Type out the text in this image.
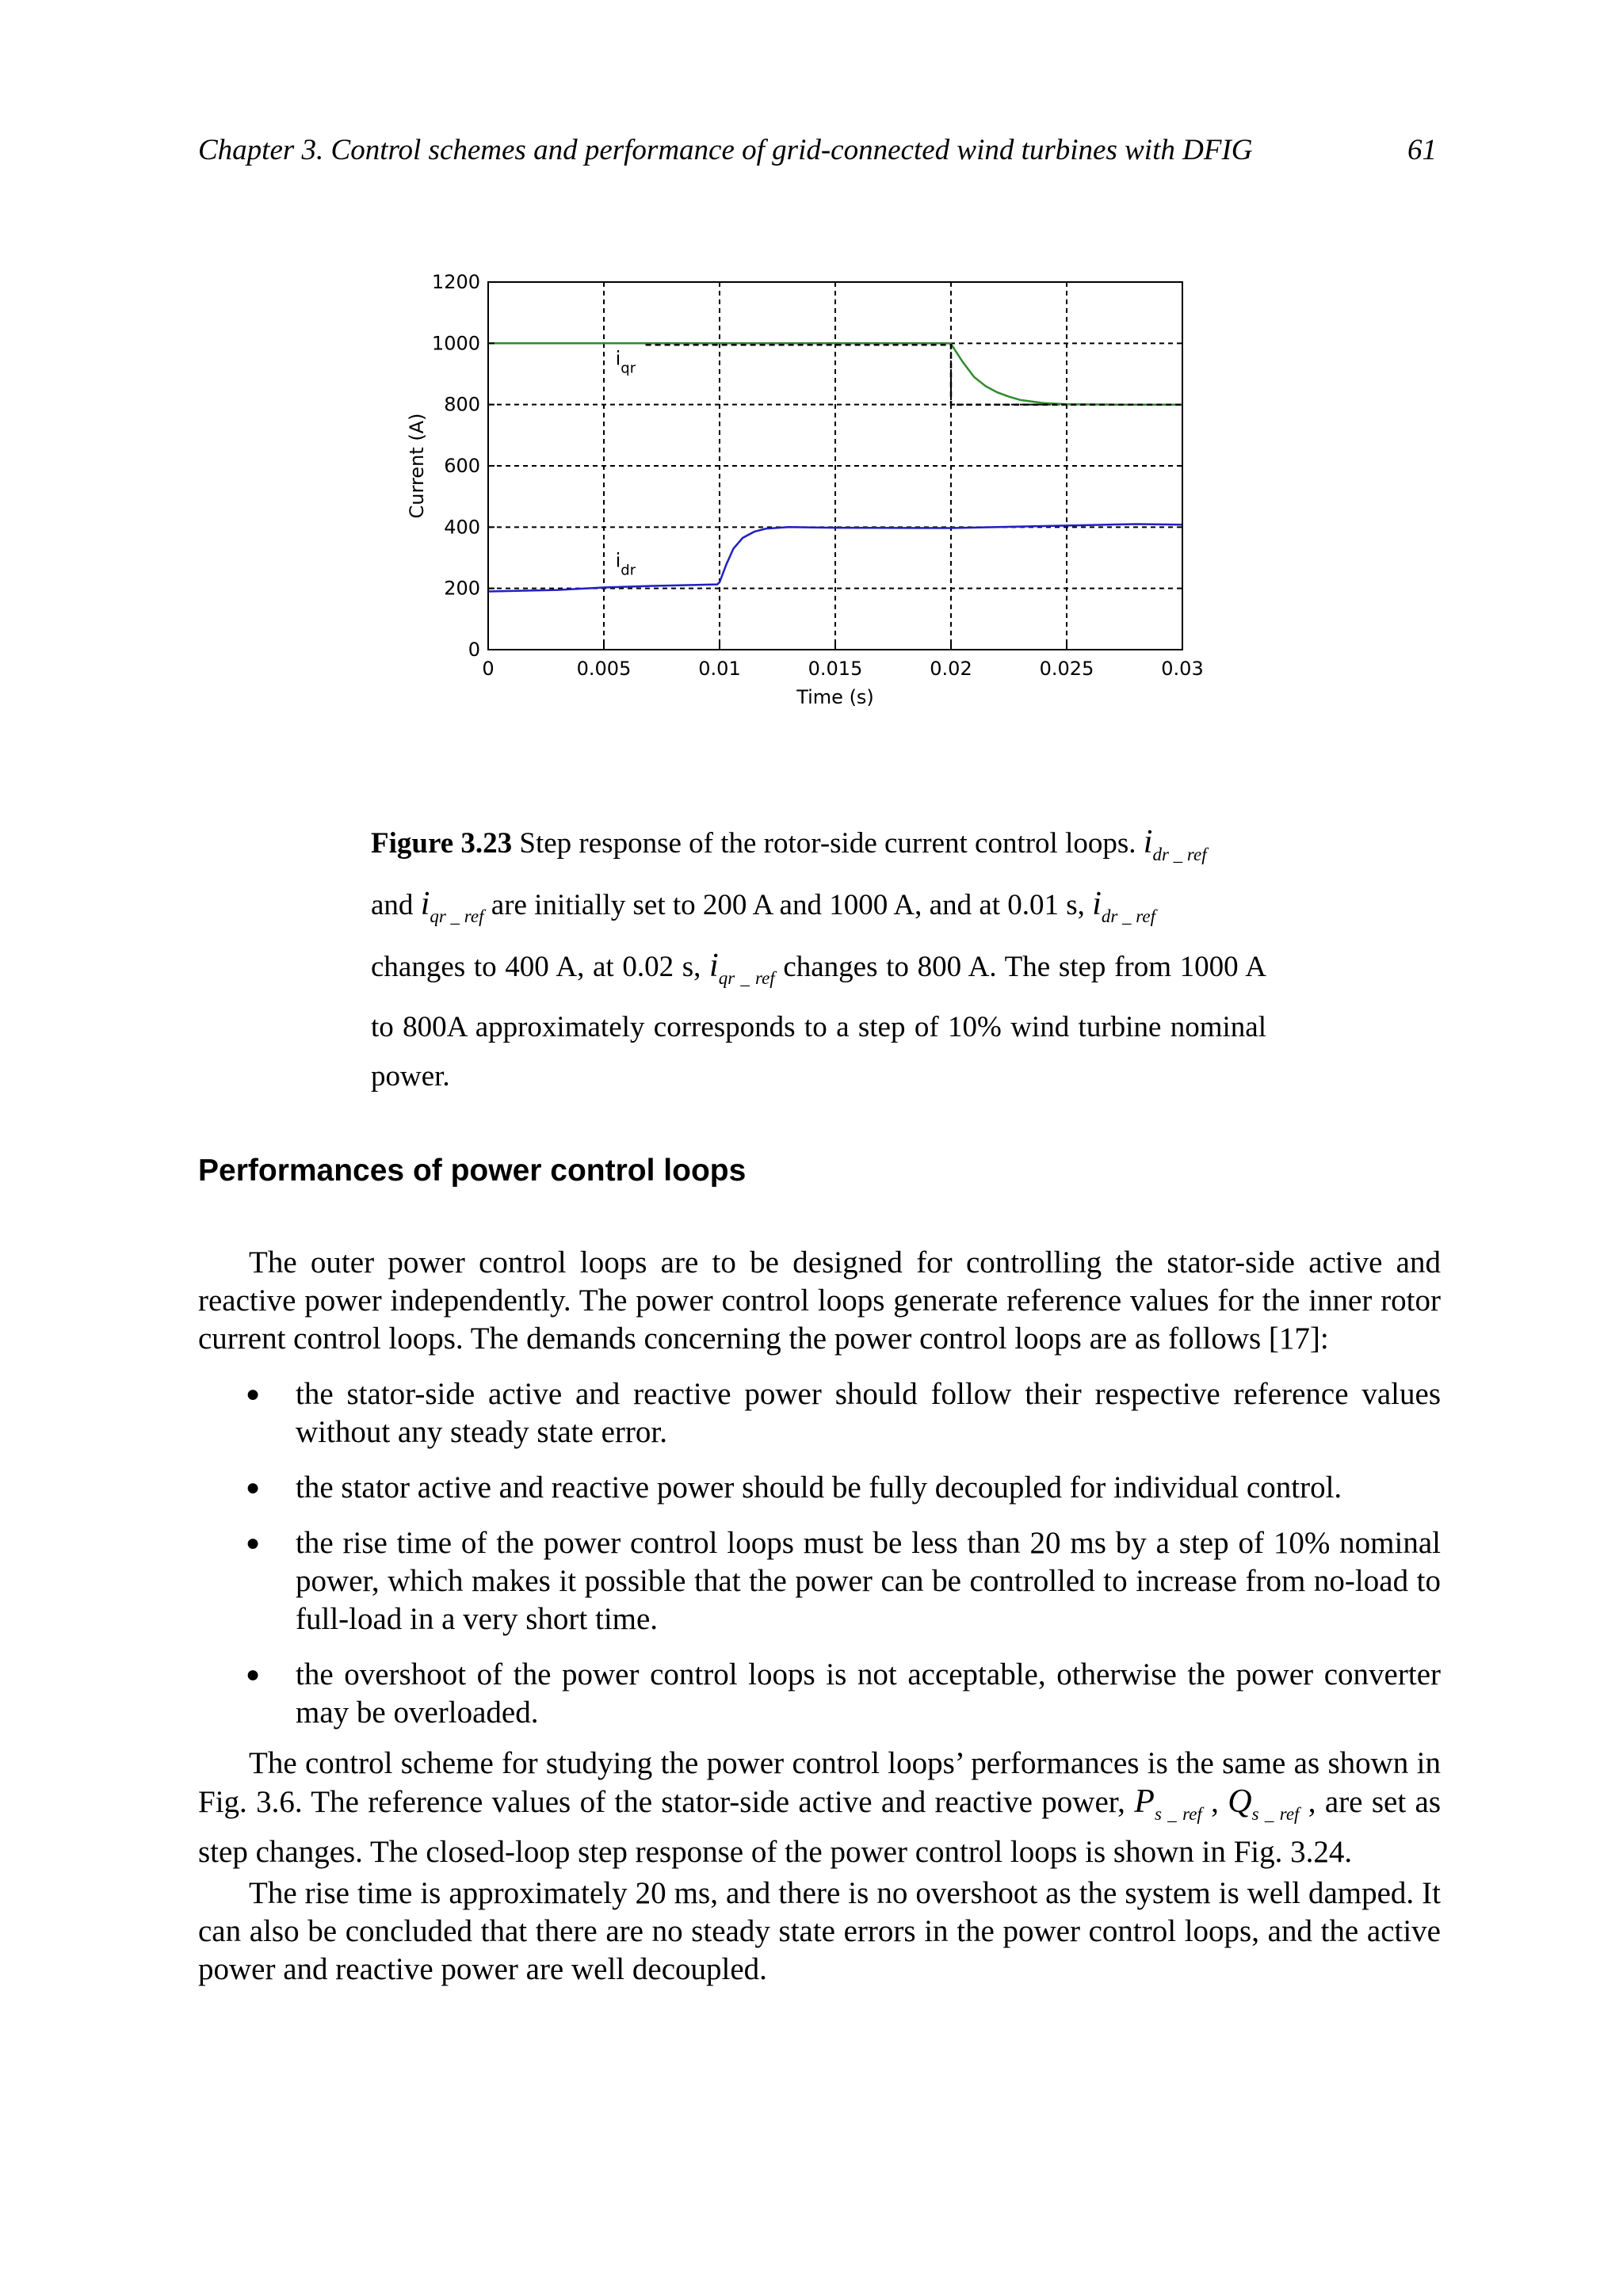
Chapter 3. Control schemes and performance of grid-connected wind turbines with DFIG	61
0	0.005	0.01	0.015	0.02	0.025	0.03
0
200
400
600
800
1000
1200
$i_{qr}$
$i_{dr}$
Time (s)
Current (A)

Figure 3.23 Step response of the rotor-side current control loops. $i_{dr \_ ref}$
and $i_{qr \_ ref}$ are initially set to 200 A and 1000 A, and at 0.01 s, $i_{dr \_ ref}$
changes to 400 A, at 0.02 s, $i_{qr \_ ref}$ changes to 800 A. The step from 1000 A to 800A approximately corresponds to a step of 10% wind turbine nominal power.

Performances of power control loops

The outer power control loops are to be designed for controlling the stator-side active and reactive power independently. The power control loops generate reference values for the inner rotor current control loops. The demands concerning the power control loops are as follows [17]:

● the stator-side active and reactive power should follow their respective reference values without any steady state error.
● the stator active and reactive power should be fully decoupled for individual control.
● the rise time of the power control loops must be less than 20 ms by a step of 10% nominal power, which makes it possible that the power can be controlled to increase from no-load to full-load in a very short time.
● the overshoot of the power control loops is not acceptable, otherwise the power converter may be overloaded.

The control scheme for studying the power control loops’ performances is the same as shown in Fig. 3.6. The reference values of the stator-side active and reactive power, $P_{s \_ ref}$ , $Q_{s \_ ref}$ , are set as step changes. The closed-loop step response of the power control loops is shown in Fig. 3.24.

The rise time is approximately 20 ms, and there is no overshoot as the system is well damped. It can also be concluded that there are no steady state errors in the power control loops, and the active power and reactive power are well decoupled.
